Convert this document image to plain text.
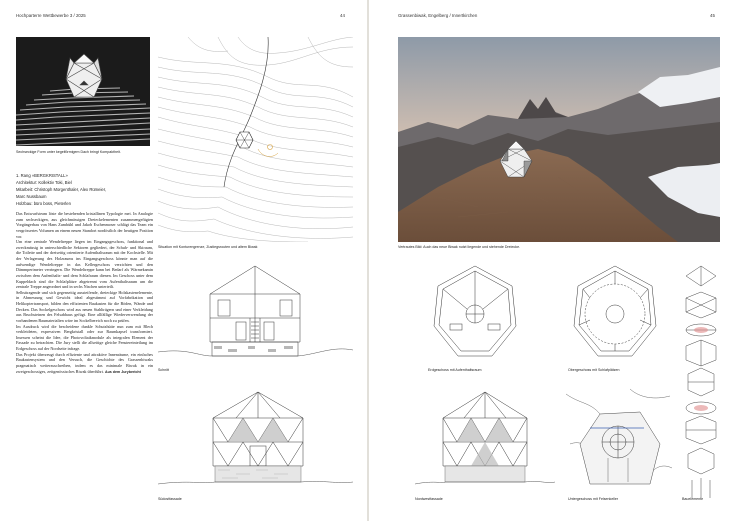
Hochparterre Wettbewerbe 3 / 2025	44
Sechseckige Form unter kegelförmigem Dach bringt Kompaktheit.
1. Rang «BERGKRISTALL»
Architektur: Kollektiv Toki, Biel
Mitarbeit: Christoph Morgenthaler, Alex Rümeier,
Marc Nussbaum
Holzbau: büro boss, Pieterlen

Das Entwurfsteam löste die bestehenden kristallinen Typologie mei. In Analogie zum sechseckigen, aus gleichmässigen Dreieckelementen zusammengefügten Vorgängerbau von Hans Zumbühl und Jakob Eschenmoser schlägt das Team ein vergrössertes Volumen an einem neuen Standort nordöstlich der heutigen Position vor.

Um eine zentrale Wendeltreppe liegen im Eingangsgeschoss, funktional und zweckmässig in unterschiedliche Sektoren gegliedert, der Schuh- und Skiraum, die Toilette und der dreiseitig orientierte Aufenthaltsraum mit der Kochstelle. Mit der Verlagerung des Holzraums ins Eingangsgeschoss könnte man auf die aufwendige Wendeltreppe in das Kellergeschoss verzichten und den Dämmperimeter verringern. Die Wendeltreppe kann bei Bedarf als Wärmekamin zwischen dem Aufenthalts- und dem Schlafraum dienen. Im Geschoss unter dem Kuppeldach sind die Schlafplätze abgetrennt vom Aufenthaltsraum um die zentrale Treppe angeordnet und in sechs Nischen unterteilt.

Selbsttragende und sich gegenseitig aussteifende, dreieckige Holzkastenelemente, in Abmessung und Gewicht ideal abgestimmt auf Vorfabrikation und Helikoptertransport, bilden den effizienten Baukasten für die Böden, Wände und Decken. Das Sockelgeschoss wird aus neuen Stahlträgern und einer Verkleidung aus Bruchsteinen des Felsabbaus gefügt. Eine allfällige Wiederverwendung der vorhandenen Baumaterialien wäre im Sockelbereich noch zu prüfen.

Im Ausdruck wird die bescheidene dunkle Schutzhütte nun zum mit Blech verkleideten, expressiven Bergkristall oder zur Raumkapsel transformiert. Insessen scheint die Idee, die Photovoltaikmodule als integralen Element der Fassade zu betrachten. Die Jury stellt die allseitige gleiche Fenstereinteilung im Erdgeschoss auf der Nordseite infrage.

Das Projekt überzeugt durch effiziente und attraktive Innenräume, ein einfaches Baukastensystem und den Versuch, die Geschichte des Grassenbiwaks pragmatisch weiterzuschreiben, indem es das minimale Biwak in ein zweigeschossiges, zeitgenössisches Biwak überführt. Aus dem Jurybericht

Situation mit Konturengrenze, Zustiegsrouten und altem Biwak
Schnitt
Südostfassade
Grassenbiwak, Engelberg / Innertkirchen	45
Vertrautes Bild: Auch das neue Biwak nutzt liegende und stehende Dreiecke.
Erdgeschoss mit Aufenthaltsraum	Obergeschoss mit Schlafplätzen
Bauelemente
Nordwestfassade	Untergeschoss mit Felsenkeller
